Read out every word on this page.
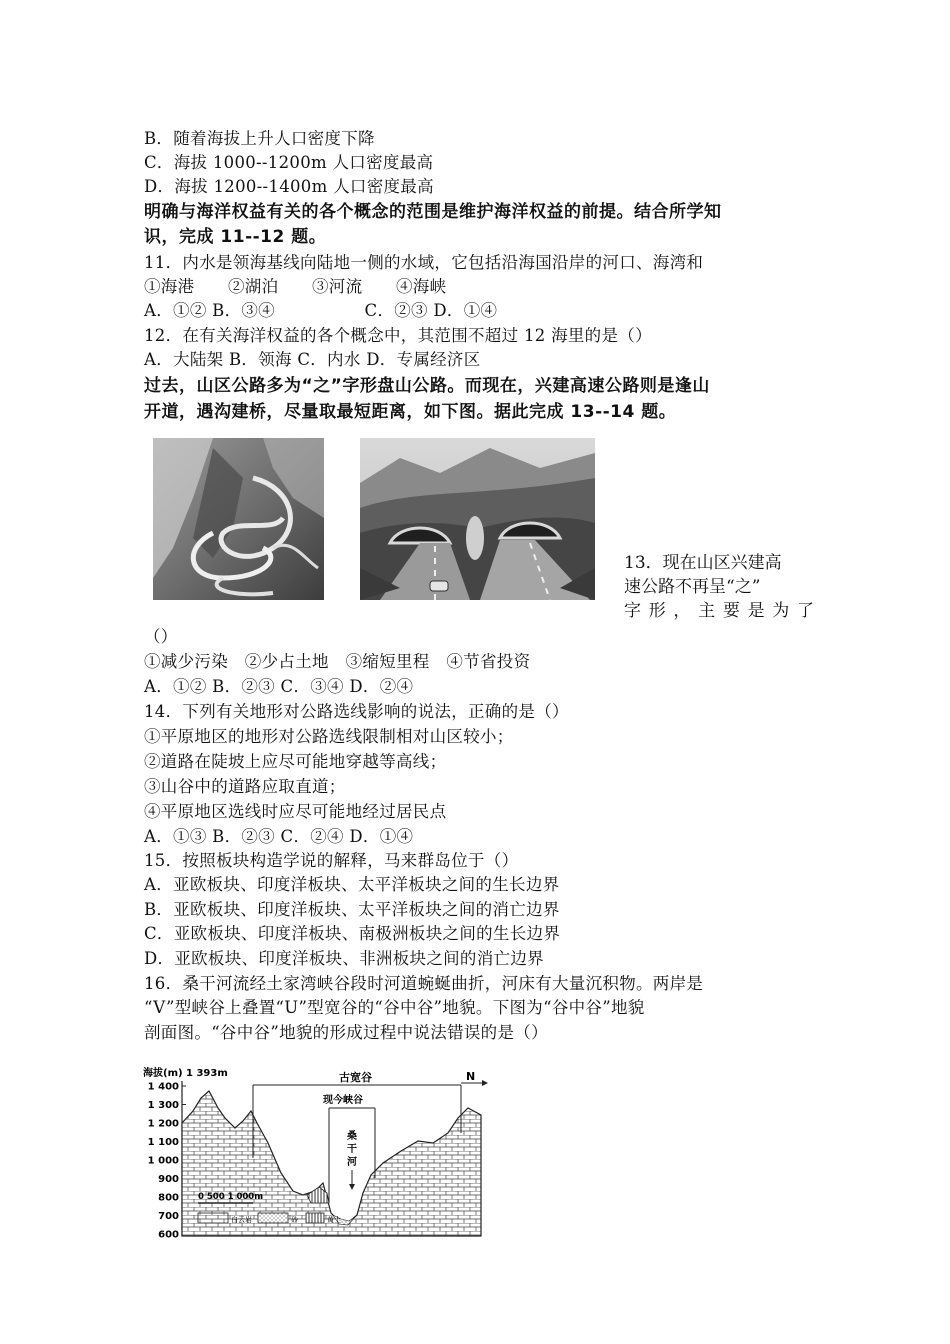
B．随着海拔上升人口密度下降
C．海拔 1000--1200m 人口密度最高
D．海拔 1200--1400m 人口密度最高
明确与海洋权益有关的各个概念的范围是维护海洋权益的前提。结合所学知
识，完成 11--12 题。
11．内水是领海基线向陆地一侧的水域，它包括沿海国沿岸的河口、海湾和
①海港　　②湖泊　　③河流　　④海峡
A．①② B．③④　　　　　 C．②③ D．①④
12．在有关海洋权益的各个概念中，其范围不超过 12 海里的是（）
A．大陆架 B．领海 C．内水 D．专属经济区
过去，山区公路多为“之”字形盘山公路。而现在，兴建高速公路则是逢山
开道，遇沟建桥，尽量取最短距离，如下图。据此完成 13--14 题。
13．现在山区兴建高
速公路不再呈“之”
字形，主要是为了
（）
①减少污染　②少占土地　③缩短里程　④节省投资
A．①② B．②③ C．③④ D．②④
14．下列有关地形对公路选线影响的说法，正确的是（）
①平原地区的地形对公路选线限制相对山区较小；
②道路在陡坡上应尽可能地穿越等高线；
③山谷中的道路应取直道；
④平原地区选线时应尽可能地经过居民点
A．①③ B．②③ C．②④ D．①④
15．按照板块构造学说的解释，马来群岛位于（）
A．亚欧板块、印度洋板块、太平洋板块之间的生长边界
B．亚欧板块、印度洋板块、太平洋板块之间的消亡边界
C．亚欧板块、印度洋板块、南极洲板块之间的生长边界
D．亚欧板块、印度洋板块、非洲板块之间的消亡边界
16．桑干河流经土家湾峡谷段时河道蜿蜒曲折，河床有大量沉积物。两岸是
“V”型峡谷上叠置“U”型宽谷的“谷中谷”地貌。下图为“谷中谷”地貌
剖面图。“谷中谷”地貌的形成过程中说法错误的是（）
海拔(m) 1 393m
1 400
1 300
1 200
1 100
1 000
900
800
700
600
古宽谷
现今峡谷
桑
干
河
N
0 500 1 000m
白云岩	砂	黄土
